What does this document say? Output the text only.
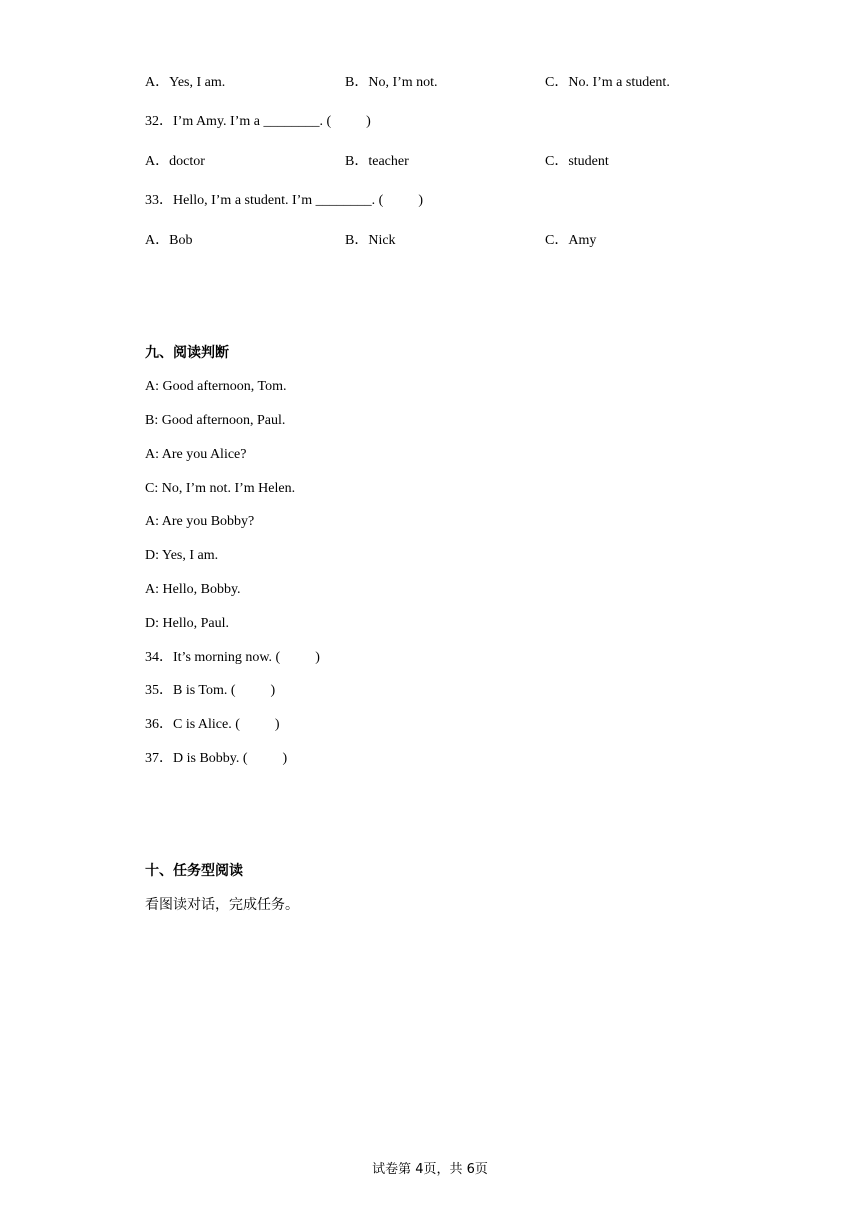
A．Yes, I am.	B．No, I’m not.	C．No. I’m a student.
32．I’m Amy. I’m a ________. (          )
A．doctor	B．teacher	C．student
33．Hello, I’m a student. I’m ________. (          )
A．Bob	B．Nick	C．Amy
九、阅读判断
A: Good afternoon, Tom.
B: Good afternoon, Paul.
A: Are you Alice?
C: No, I’m not. I’m Helen.
A: Are you Bobby?
D: Yes, I am.
A: Hello, Bobby.
D: Hello, Paul.
34．It’s morning now. (          )
35．B is Tom. (          )
36．C is Alice. (          )
37．D is Bobby. (          )
十、任务型阅读
看图读对话，完成任务。
试卷第 4页，共 6页
